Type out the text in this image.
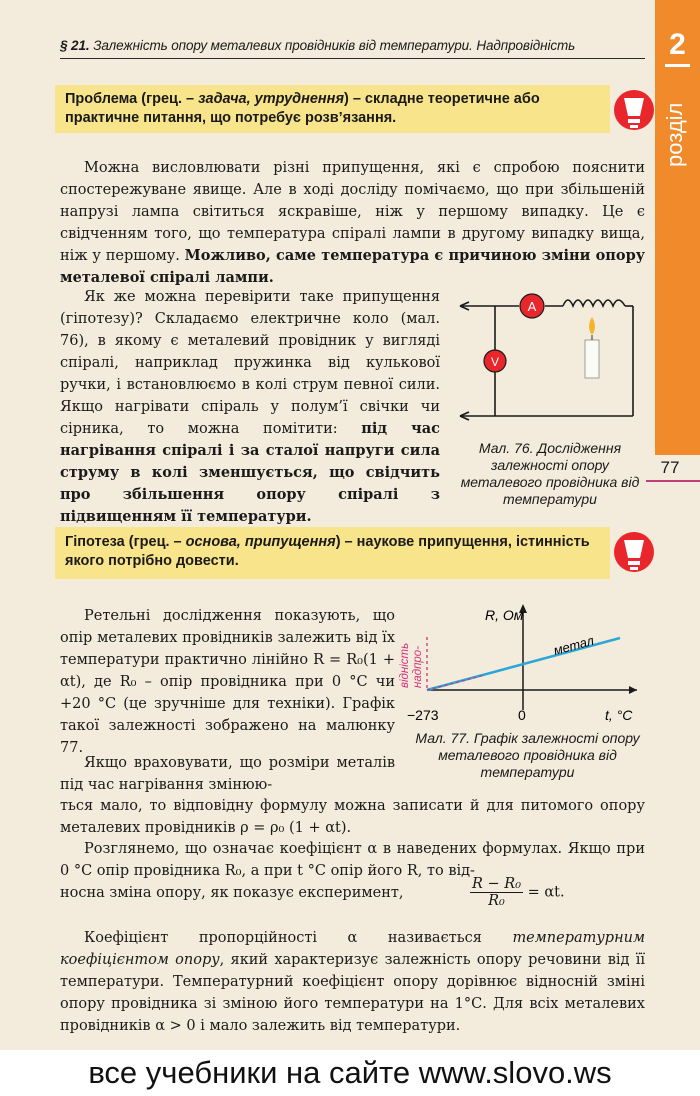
§ 21. Залежність опору металевих провідників від температури. Надпровідність	2
розділ
77
Проблема (грец. – задача, утруднення) – складне теоретичне або практичне питання, що потребує розв’язання.
Можна висловлювати різні припущення, які є спробою пояснити спостережуване явище. Але в ході досліду помічаємо, що при збільшеній напрузі лампа світиться яскравіше, ніж у першому випадку. Це є свідченням того, що температура спіралі лампи в другому випадку вища, ніж у першому. Можливо, саме температура є причиною зміни опору металевої спіралі лампи.
Як же можна перевірити таке припущення (гіпотезу)? Складаємо електричне коло (мал. 76), в якому є металевий провідник у вигляді спіралі, наприклад пружинка від кулькової ручки, і встановлюємо в колі струм певної сили. Якщо нагрівати спіраль у полум’ї свічки чи сірника, то можна помітити: під час нагрівання спіралі і за сталої напруги сила струму в колі зменшується, що свідчить про збільшення опору спіралі з підвищенням її температури.
A
V
Мал. 76. Дослідження залежності опору металевого провідника від температури
Гіпотеза (грец. – основа, припущення) – наукове припущення, істинність якого потрібно довести.
Ретельні дослідження показують, що опір металевих провідників залежить від їх температури практично лінійно R = R₀(1 + αt), де R₀ – опір провідника при 0 °С чи +20 °С (це зручніше для техніки). Графік такої залежності зображено на малюнку 77.
Якщо враховувати, що розміри металів під час нагрівання змінюю-
R, Ом
t, °С
−273	0
метал
надпро- відність
Мал. 77. Графік залежності опору металевого провідника від температури
ться мало, то відповідну формулу можна записати й для питомого опору металевих провідників ρ = ρ₀ (1 + αt).
Розглянемо, що означає коефіцієнт α в наведених формулах. Якщо при 0 °С опір провідника R₀, а при t °С опір його R, то від-
носна зміна опору, як показує експеримент,	$\frac{\text{R − R₀}}{\text{R₀}} = \alpha t$.
Коефіцієнт пропорційності α називається температурним коефіцієнтом опору, який характеризує залежність опору речовини від її температури. Температурний коефіцієнт опору дорівнює відносній зміні опору провідника зі зміною його температури на 1°С. Для всіх металевих провідників α > 0 і мало залежить від температури.
все учебники на сайте www.slovo.ws
